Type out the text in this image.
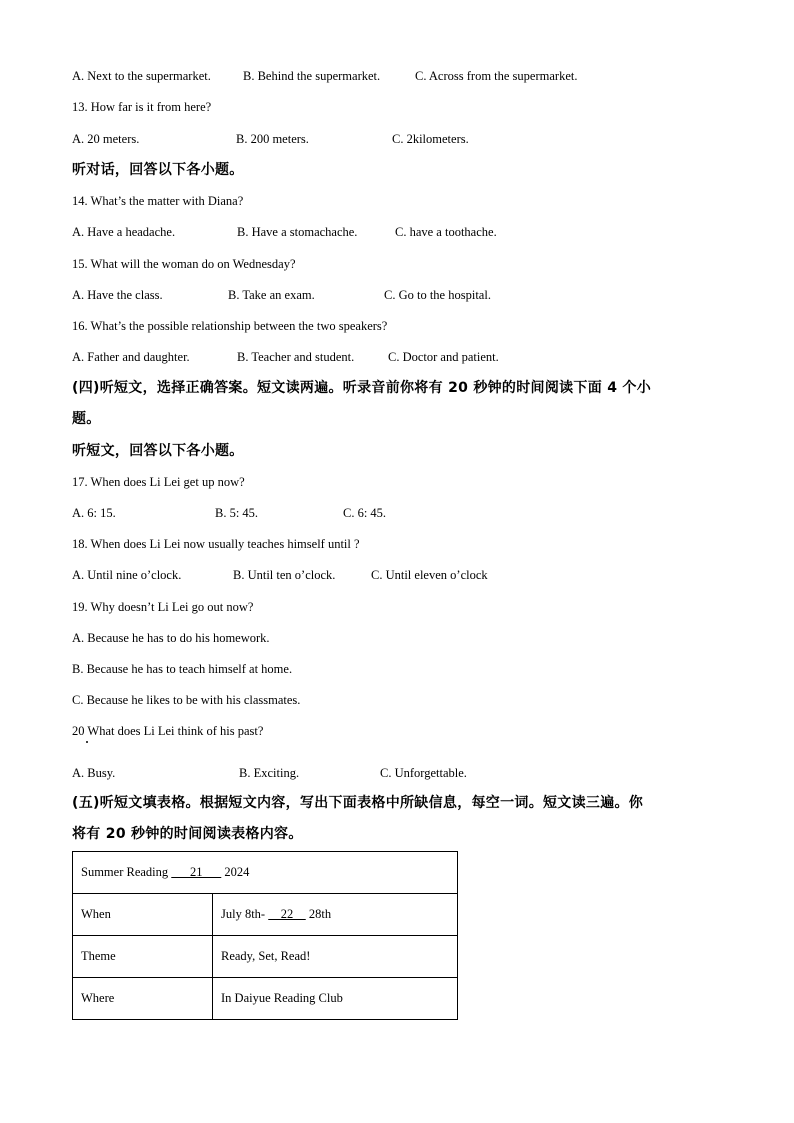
A. Next to the supermarket.	B. Behind the supermarket.	C. Across from the supermarket.
13. How far is it from here?
A. 20 meters.	B. 200 meters.	C. 2kilometers.
听对话，回答以下各小题。
14. What’s the matter with Diana?
A. Have a headache.	B. Have a stomachache.	C. have a toothache.
15. What will the woman do on Wednesday?
A. Have the class.	B. Take an exam.	C. Go to the hospital.
16. What’s the possible relationship between the two speakers?
A. Father and daughter.	B. Teacher and student.	C. Doctor and patient.
(四)听短文，选择正确答案。短文读两遍。听录音前你将有 20 秒钟的时间阅读下面 4 个小
题。
听短文，回答以下各小题。
17. When does Li Lei get up now?
A. 6: 15.	B. 5: 45.	C. 6: 45.
18. When does Li Lei now usually teaches himself until ?
A. Until nine o’clock.	B. Until ten o’clock.	C. Until eleven o’clock
19. Why doesn’t Li Lei go out now?
A. Because he has to do his homework.
B. Because he has to teach himself at home.
C. Because he likes to be with his classmates.
20 What does Li Lei think of his past?
A. Busy.	B. Exciting.	C. Unforgettable.
(五)听短文填表格。根据短文内容，写出下面表格中所缺信息，每空一词。短文读三遍。你
将有 20 秒钟的时间阅读表格内容。
Summer Reading       21       2024	
When	July 8th-     22     28th
Theme	Ready, Set, Read!
Where	In Daiyue Reading Club
